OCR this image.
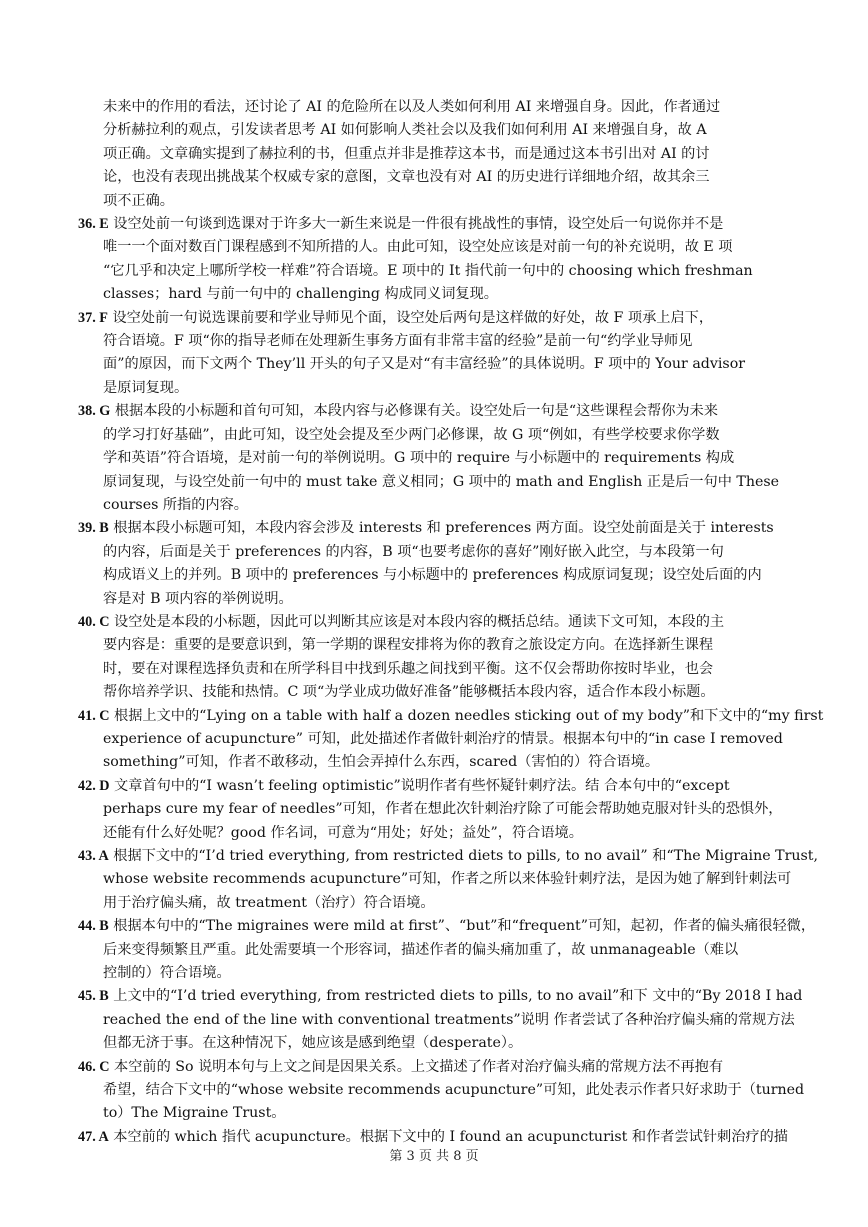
未来中的作用的看法，还讨论了 AI 的危险所在以及人类如何利用 AI 来增强自身。因此，作者通过
分析赫拉利的观点，引发读者思考 AI 如何影响人类社会以及我们如何利用 AI 来增强自身，故 A
项正确。文章确实提到了赫拉利的书，但重点并非是推荐这本书，而是通过这本书引出对 AI 的讨
论，也没有表现出挑战某个权威专家的意图，文章也没有对 AI 的历史进行详细地介绍，故其余三
项不正确。
36. E 设空处前一句谈到选课对于许多大一新生来说是一件很有挑战性的事情，设空处后一句说你并不是
唯一一个面对数百门课程感到不知所措的人。由此可知，设空处应该是对前一句的补充说明，故 E 项
“它几乎和决定上哪所学校一样难”符合语境。E 项中的 It 指代前一句中的 choosing which freshman
classes；hard 与前一句中的 challenging 构成同义词复现。
37. F 设空处前一句说选课前要和学业导师见个面，设空处后两句是这样做的好处，故 F 项承上启下，
符合语境。F 项“你的指导老师在处理新生事务方面有非常丰富的经验”是前一句“约学业导师见
面”的原因，而下文两个 They’ll 开头的句子又是对“有丰富经验”的具体说明。F 项中的 Your advisor
是原词复现。
38. G 根据本段的小标题和首句可知，本段内容与必修课有关。设空处后一句是“这些课程会帮你为未来
的学习打好基础”，由此可知，设空处会提及至少两门必修课，故 G 项“例如，有些学校要求你学数
学和英语”符合语境，是对前一句的举例说明。G 项中的 require 与小标题中的 requirements 构成
原词复现，与设空处前一句中的 must take 意义相同；G 项中的 math and English 正是后一句中 These
courses 所指的内容。
39. B 根据本段小标题可知，本段内容会涉及 interests 和 preferences 两方面。设空处前面是关于 interests
的内容，后面是关于 preferences 的内容，B 项“也要考虑你的喜好”刚好嵌入此空，与本段第一句
构成语义上的并列。B 项中的 preferences 与小标题中的 preferences 构成原词复现；设空处后面的内
容是对 B 项内容的举例说明。
40. C 设空处是本段的小标题，因此可以判断其应该是对本段内容的概括总结。通读下文可知，本段的主
要内容是：重要的是要意识到，第一学期的课程安排将为你的教育之旅设定方向。在选择新生课程
时，要在对课程选择负责和在所学科目中找到乐趣之间找到平衡。这不仅会帮助你按时毕业，也会
帮你培养学识、技能和热情。C 项“为学业成功做好准备”能够概括本段内容，适合作本段小标题。
41. C 根据上文中的“Lying on a table with half a dozen needles sticking out of my body”和下文中的“my first
experience of acupuncture” 可知，此处描述作者做针刺治疗的情景。根据本句中的“in case I removed
something”可知，作者不敢移动，生怕会弄掉什么东西，scared（害怕的）符合语境。
42. D 文章首句中的“I wasn’t feeling optimistic”说明作者有些怀疑针刺疗法。结 合本句中的“except
perhaps cure my fear of needles”可知，作者在想此次针刺治疗除了可能会帮助她克服对针头的恐惧外，
还能有什么好处呢？good 作名词，可意为“用处；好处；益处”，符合语境。
43. A 根据下文中的“I’d tried everything, from restricted diets to pills, to no avail” 和“The Migraine Trust,
whose website recommends acupuncture”可知，作者之所以来体验针刺疗法，是因为她了解到针刺法可
用于治疗偏头痛，故 treatment（治疗）符合语境。
44. B 根据本句中的“The migraines were mild at first”、“but”和“frequent”可知，起初，作者的偏头痛很轻微，
后来变得频繁且严重。此处需要填一个形容词，描述作者的偏头痛加重了，故 unmanageable（难以
控制的）符合语境。
45. B 上文中的“I’d tried everything, from restricted diets to pills, to no avail”和下 文中的“By 2018 I had
reached the end of the line with conventional treatments”说明 作者尝试了各种治疗偏头痛的常规方法
但都无济于事。在这种情况下，她应该是感到绝望（desperate）。
46. C 本空前的 So 说明本句与上文之间是因果关系。上文描述了作者对治疗偏头痛的常规方法不再抱有
希望，结合下文中的“whose website recommends acupuncture”可知，此处表示作者只好求助于（turned
to）The Migraine Trust。
47. A 本空前的 which 指代 acupuncture。根据下文中的 I found an acupuncturist 和作者尝试针刺治疗的描
第 3 页 共 8 页
